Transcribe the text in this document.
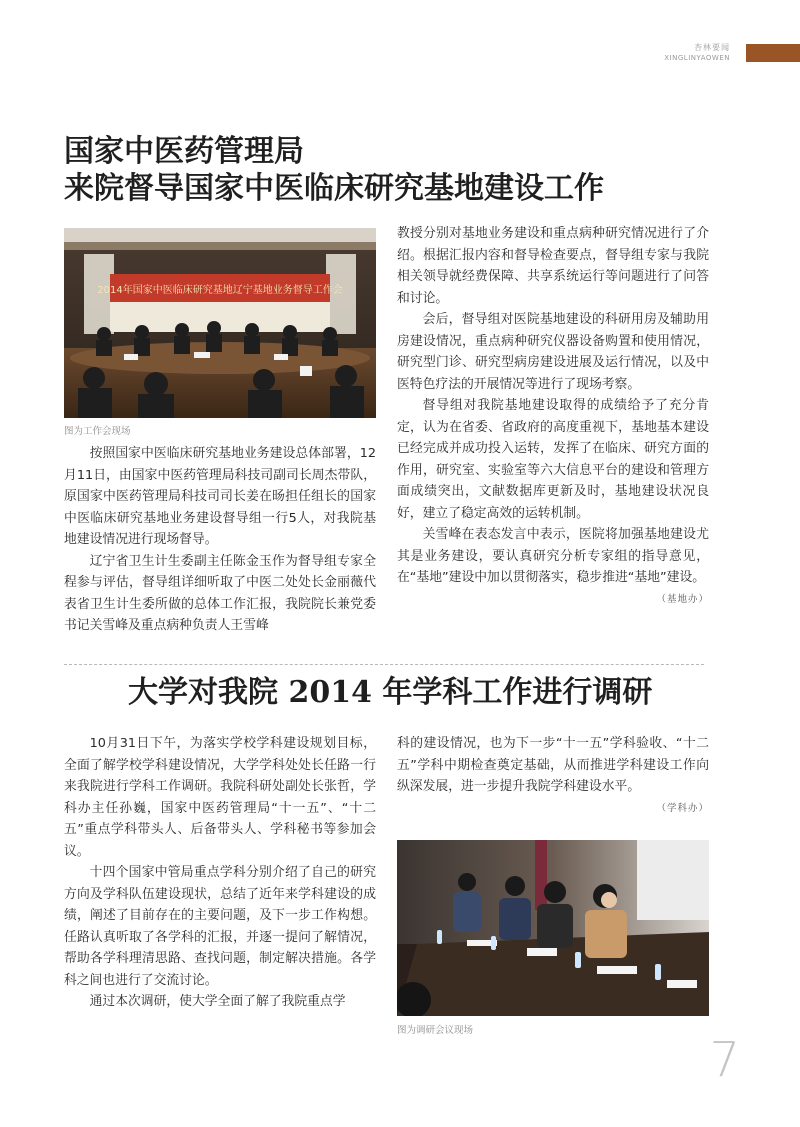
杏林要闻
XINGLINYAOWEN
国家中医药管理局
来院督导国家中医临床研究基地建设工作
2014年国家中医临床研究基地辽宁基地业务督导工作会
图为工作会现场

按照国家中医临床研究基地业务建设总体部署，12月11日，由国家中医药管理局科技司副司长周杰带队，原国家中医药管理局科技司司长姜在旸担任组长的国家中医临床研究基地业务建设督导组一行5人，对我院基地建设情况进行现场督导。

辽宁省卫生计生委副主任陈金玉作为督导组专家全程参与评估，督导组详细听取了中医二处处长金丽薇代表省卫生计生委所做的总体工作汇报，我院院长兼党委书记关雪峰及重点病种负责人王雪峰

教授分别对基地业务建设和重点病种研究情况进行了介绍。根据汇报内容和督导检查要点，督导组专家与我院相关领导就经费保障、共享系统运行等问题进行了问答和讨论。

会后，督导组对医院基地建设的科研用房及辅助用房建设情况，重点病种研究仪器设备购置和使用情况，研究型门诊、研究型病房建设进展及运行情况，以及中医特色疗法的开展情况等进行了现场考察。

督导组对我院基地建设取得的成绩给予了充分肯定，认为在省委、省政府的高度重视下，基地基本建设已经完成并成功投入运转，发挥了在临床、研究方面的作用，研究室、实验室等六大信息平台的建设和管理方面成绩突出，文献数据库更新及时，基地建设状况良好，建立了稳定高效的运转机制。

关雪峰在表态发言中表示，医院将加强基地建设尤其是业务建设，要认真研究分析专家组的指导意见，在“基地”建设中加以贯彻落实，稳步推进“基地”建设。

（基地办）
大学对我院 2014 年学科工作进行调研

10月31日下午，为落实学校学科建设规划目标，全面了解学校学科建设情况，大学学科处处长任路一行来我院进行学科工作调研。我院科研处副处长张哲，学科办主任孙巍，国家中医药管理局“十一五”、“十二五”重点学科带头人、后备带头人、学科秘书等参加会议。

十四个国家中管局重点学科分别介绍了自己的研究方向及学科队伍建设现状，总结了近年来学科建设的成绩，阐述了目前存在的主要问题，及下一步工作构想。任路认真听取了各学科的汇报，并逐一提问了解情况，帮助各学科理清思路、查找问题，制定解决措施。各学科之间也进行了交流讨论。

通过本次调研，使大学全面了解了我院重点学

科的建设情况，也为下一步“十一五”学科验收、“十二五”学科中期检查奠定基础，从而推进学科建设工作向纵深发展，进一步提升我院学科建设水平。

（学科办）
图为调研会议现场
7
